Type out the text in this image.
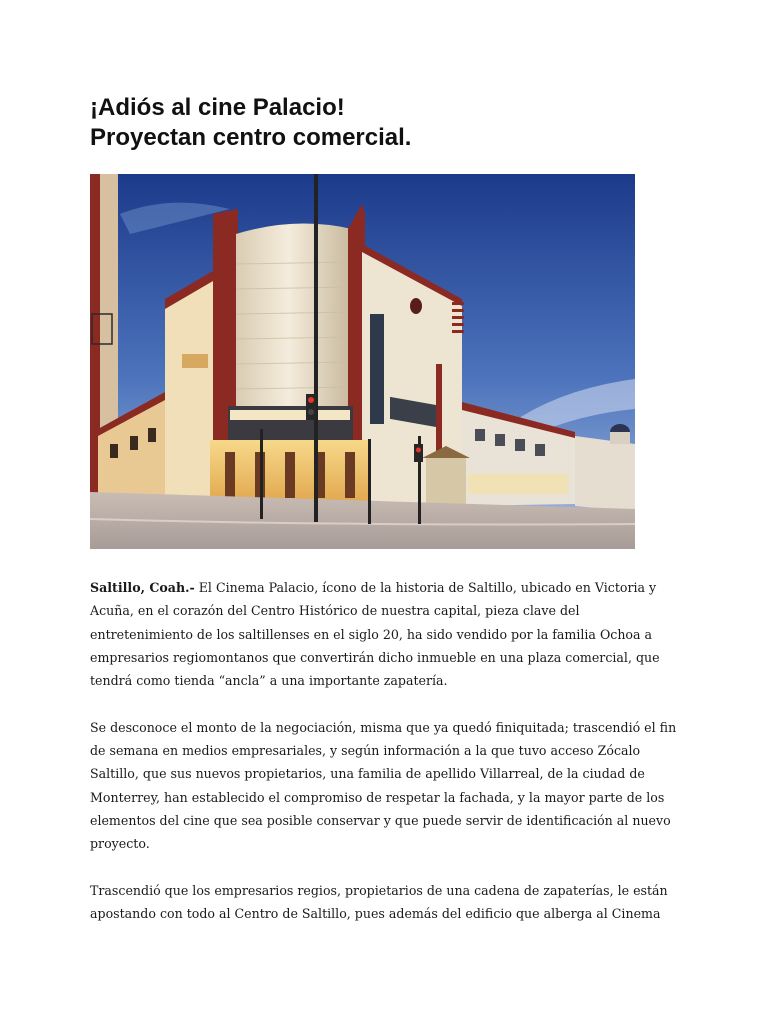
¡Adiós al cine Palacio!
Proyectan centro comercial.

Saltillo, Coah.- El Cinema Palacio, ícono de la historia de Saltillo, ubicado en Victoria y Acuña, en el corazón del Centro Histórico de nuestra capital, pieza clave del entretenimiento de los saltillenses en el siglo 20, ha sido vendido por la familia Ochoa a empresarios regiomontanos que convertirán dicho inmueble en una plaza comercial, que tendrá como tienda “ancla” a una importante zapatería.

Se desconoce el monto de la negociación, misma que ya quedó finiquitada; trascendió el fin de semana en medios empresariales, y según información a la que tuvo acceso Zócalo Saltillo, que sus nuevos propietarios, una familia de apellido Villarreal, de la ciudad de Monterrey, han establecido el compromiso de respetar la fachada, y la mayor parte de los elementos del cine que sea posible conservar y que puede servir de identificación al nuevo proyecto.

Trascendió que los empresarios regios, propietarios de una cadena de zapaterías, le están apostando con todo al Centro de Saltillo, pues además del edificio que alberga al Cinema
